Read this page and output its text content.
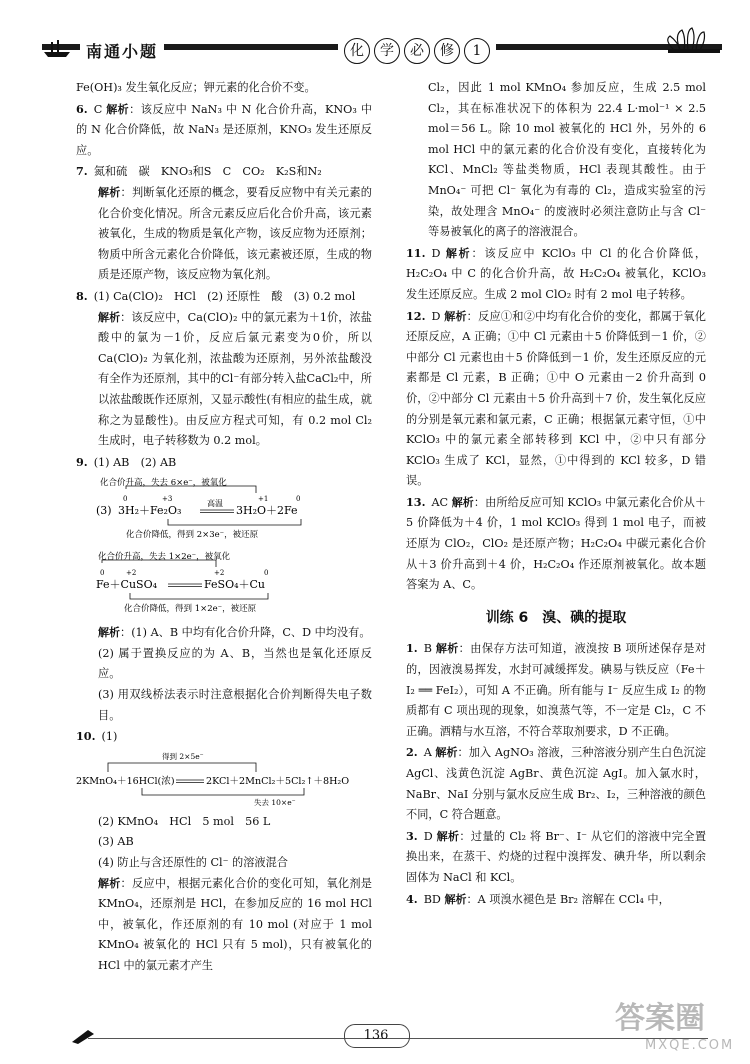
南通小题	化	学	必	修	1

Fe(OH)₃ 发生氧化反应；钾元素的化合价不变。

6. C 解析：该反应中 NaN₃ 中 N 化合价升高，KNO₃ 中的 N 化合价降低，故 NaN₃ 是还原剂，KNO₃ 发生还原反应。

7. 氮和硫　碳　KNO₃和S　C　CO₂　K₂S和N₂

解析：判断氧化还原的概念，要看反应物中有关元素的化合价变化情况。所含元素反应后化合价升高，该元素被氧化，生成的物质是氧化产物，该反应物为还原剂；物质中所含元素化合价降低，该元素被还原，生成的物质是还原产物，该反应物为氧化剂。

8. (1) Ca(ClO)₂　HCl　(2) 还原性　酸　(3) 0.2 mol

解析：该反应中，Ca(ClO)₂ 中的氯元素为＋1价，浓盐酸中的氯为－1价，反应后氯元素变为0价，所以Ca(ClO)₂ 为氧化剂，浓盐酸为还原剂，另外浓盐酸没有全作为还原剂，其中的Cl⁻有部分转入盐CaCl₂中，所以浓盐酸既作还原剂，又显示酸性(有相应的盐生成，就称之为显酸性)。由反应方程式可知，有 0.2 mol Cl₂ 生成时，电子转移数为 0.2 mol。

9. (1) AB　(2) AB

化合价升高，失去 6×e⁻，被氧化
0	+3	+1	0
(3) 3H₂＋Fe₂O₃
高温
3H₂O＋2Fe
化合价降低，得到 2×3e⁻，被还原
化合价升高，失去 1×2e⁻，被氧化
0	+2	+2	0
Fe＋CuSO₄	FeSO₄＋Cu
化合价降低，得到 1×2e⁻，被还原

解析：(1) A、B 中均有化合价升降，C、D 中均没有。

(2) 属于置换反应的为 A、B，当然也是氧化还原反应。

(3) 用双线桥法表示时注意根据化合价判断得失电子数目。

10. (1)

得到 2×5e⁻
2KMnO₄＋16HCl(浓)	2KCl＋2MnCl₂＋5Cl₂↑＋8H₂O
失去 10×e⁻

(2) KMnO₄　HCl　5 mol　56 L

(3) AB

(4) 防止与含还原性的 Cl⁻ 的溶液混合

解析：反应中，根据元素化合价的变化可知，氧化剂是 KMnO₄，还原剂是 HCl，在参加反应的 16 mol HCl 中，被氧化，作还原剂的有 10 mol (对应于 1 mol KMnO₄ 被氧化的 HCl 只有 5 mol)，只有被氧化的 HCl 中的氯元素才产生

Cl₂，因此 1 mol KMnO₄ 参加反应，生成 2.5 mol Cl₂，其在标准状况下的体积为 22.4 L·mol⁻¹ × 2.5 mol＝56 L。除 10 mol 被氧化的 HCl 外，另外的 6 mol HCl 中的氯元素的化合价没有变化，直接转化为 KCl、MnCl₂ 等盐类物质，HCl 表现其酸性。由于 MnO₄⁻ 可把 Cl⁻ 氧化为有毒的 Cl₂，造成实验室的污染，故处理含 MnO₄⁻ 的废液时必须注意防止与含 Cl⁻ 等易被氧化的离子的溶液混合。

11. D 解析：该反应中 KClO₃ 中 Cl 的化合价降低，H₂C₂O₄ 中 C 的化合价升高，故 H₂C₂O₄ 被氧化，KClO₃ 发生还原反应。生成 2 mol ClO₂ 时有 2 mol 电子转移。

12. D 解析：反应①和②中均有化合价的变化，都属于氧化还原反应，A 正确；①中 Cl 元素由＋5 价降低到－1 价，②中部分 Cl 元素也由＋5 价降低到－1 价，发生还原反应的元素都是 Cl 元素，B 正确；①中 O 元素由－2 价升高到 0 价，②中部分 Cl 元素由＋5 价升高到＋7 价，发生氧化反应的分别是氧元素和氯元素，C 正确；根据氯元素守恒，①中 KClO₃ 中的氯元素全部转移到 KCl 中，②中只有部分 KClO₃ 生成了 KCl，显然，①中得到的 KCl 较多，D 错误。

13. AC 解析：由所给反应可知 KClO₃ 中氯元素化合价从＋5 价降低为＋4 价，1 mol KClO₃ 得到 1 mol 电子，而被还原为 ClO₂，ClO₂ 是还原产物；H₂C₂O₄ 中碳元素化合价从＋3 价升高到＋4 价，H₂C₂O₄ 作还原剂被氧化。故本题答案为 A、C。

训练 6　溴、碘的提取

1. B 解析：由保存方法可知道，液溴按 B 项所述保存是对的，因液溴易挥发，水封可减缓挥发。碘易与铁反应（Fe＋I₂ ══ FeI₂），可知 A 不正确。所有能与 I⁻ 反应生成 I₂ 的物质都有 C 项出现的现象，如溴蒸气等，不一定是 Cl₂，C 不正确。酒精与水互溶，不符合萃取剂要求，D 不正确。

2. A 解析：加入 AgNO₃ 溶液，三种溶液分别产生白色沉淀 AgCl、浅黄色沉淀 AgBr、黄色沉淀 AgI。加入氯水时，NaBr、NaI 分别与氯水反应生成 Br₂、I₂，三种溶液的颜色不同，C 符合题意。

3. D 解析：过量的 Cl₂ 将 Br⁻、I⁻ 从它们的溶液中完全置换出来，在蒸干、灼烧的过程中溴挥发、碘升华，所以剩余固体为 NaCl 和 KCl。

4. BD 解析：A 项溴水褪色是 Br₂ 溶解在 CCl₄ 中，

136	答案圈
MXQE.COM
